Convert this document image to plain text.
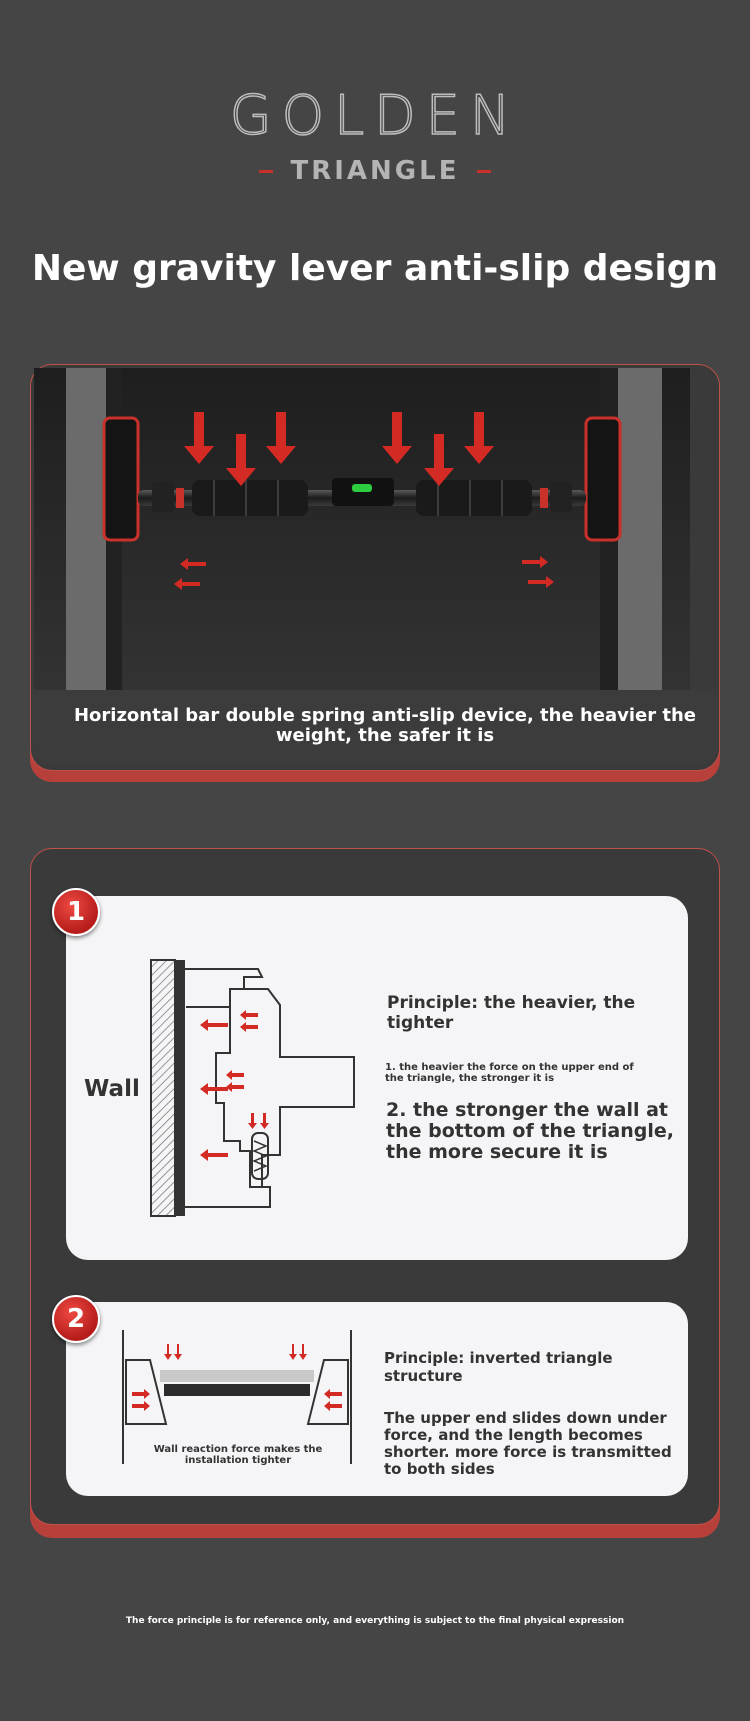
GOLDEN
TRIANGLE
New gravity lever anti-slip design
Horizontal bar double spring anti-slip device, the heavier the weight, the safer it is
1
Wall
Principle: the heavier, the tighter
1. the heavier the force on the upper end of the triangle, the stronger it is
2. the stronger the wall at the bottom of the triangle, the more secure it is
2
Wall reaction force makes the installation tighter
Principle: inverted triangle structure
The upper end slides down under force, and the length becomes shorter. more force is transmitted to both sides
The force principle is for reference only, and everything is subject to the final physical expression
